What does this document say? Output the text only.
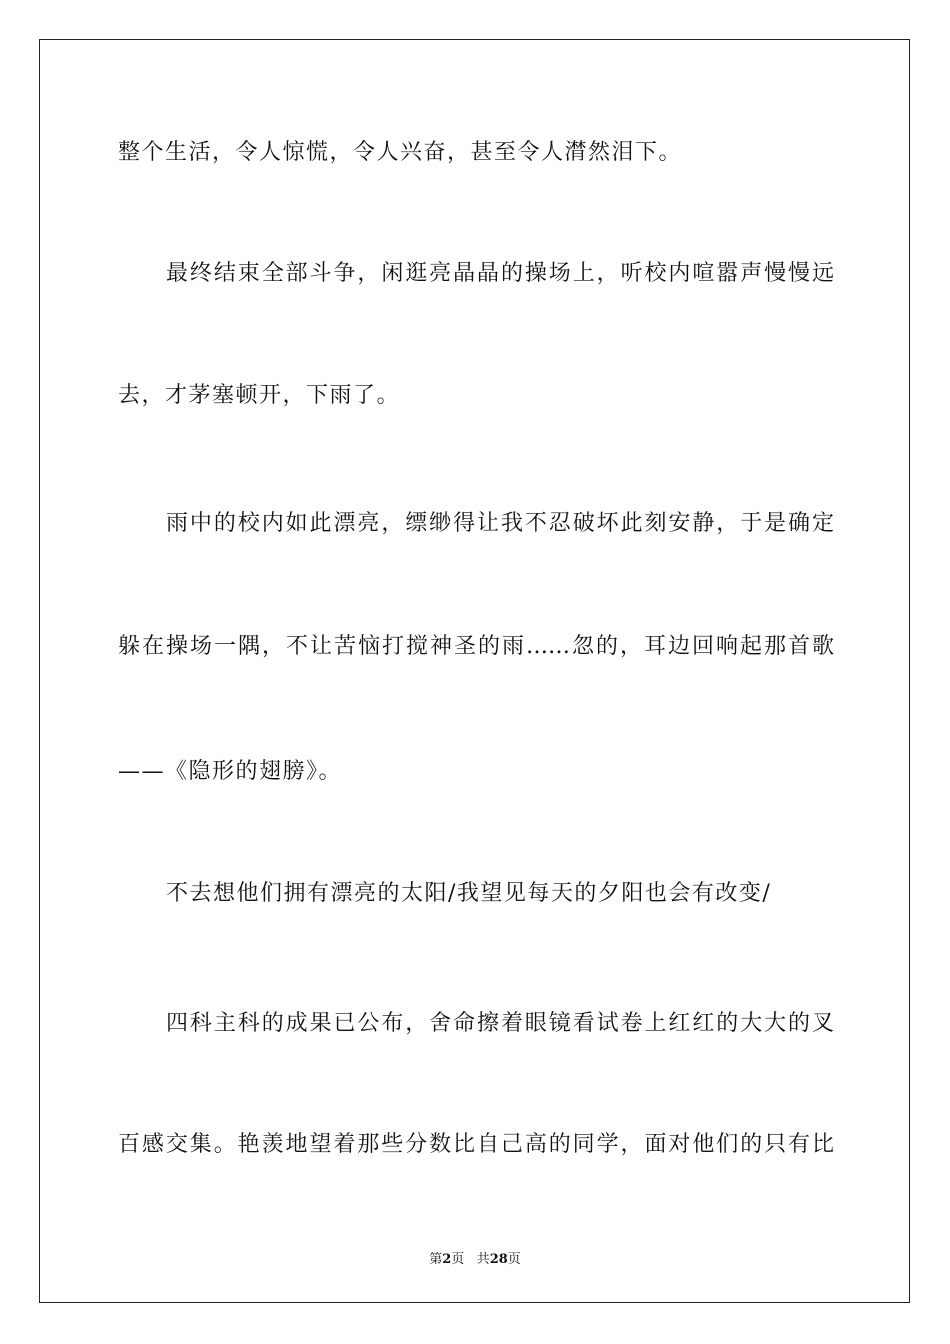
整个生活，令人惊慌，令人兴奋，甚至令人潸然泪下。
最终结束全部斗争，闲逛亮晶晶的操场上，听校内喧嚣声慢慢远
去，才茅塞顿开，下雨了。
雨中的校内如此漂亮，缥缈得让我不忍破坏此刻安静，于是确定
躲在操场一隅，不让苦恼打搅神圣的雨……忽的，耳边回响起那首歌
——《隐形的翅膀》。
不去想他们拥有漂亮的太阳/我望见每天的夕阳也会有改变/
四科主科的成果已公布，舍命擦着眼镜看试卷上红红的大大的叉
百感交集。艳羡地望着那些分数比自己高的同学，面对他们的只有比
第2页 共28页
